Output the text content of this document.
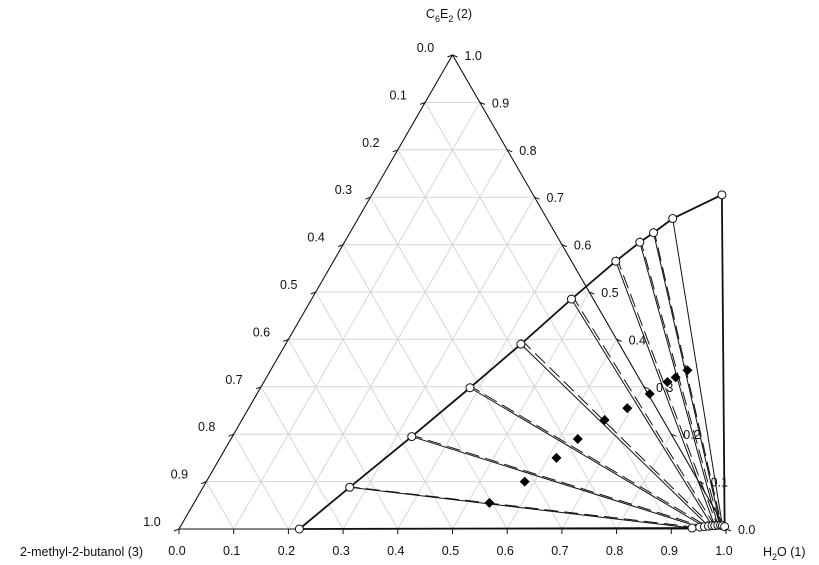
0.0
0.0
0.0
0.1
0.1
0.1
0.2
0.2
0.2
0.3
0.3
0.3
0.4
0.4
0.4
0.5
0.5
0.5
0.6
0.6
0.6
0.7
0.7
0.7
0.8
0.8
0.8
0.9
0.9
0.9
1.0
1.0
1.0
$C_6E_2$ (2)
$H_2O$ (1)
2-methyl-2-butanol (3)
